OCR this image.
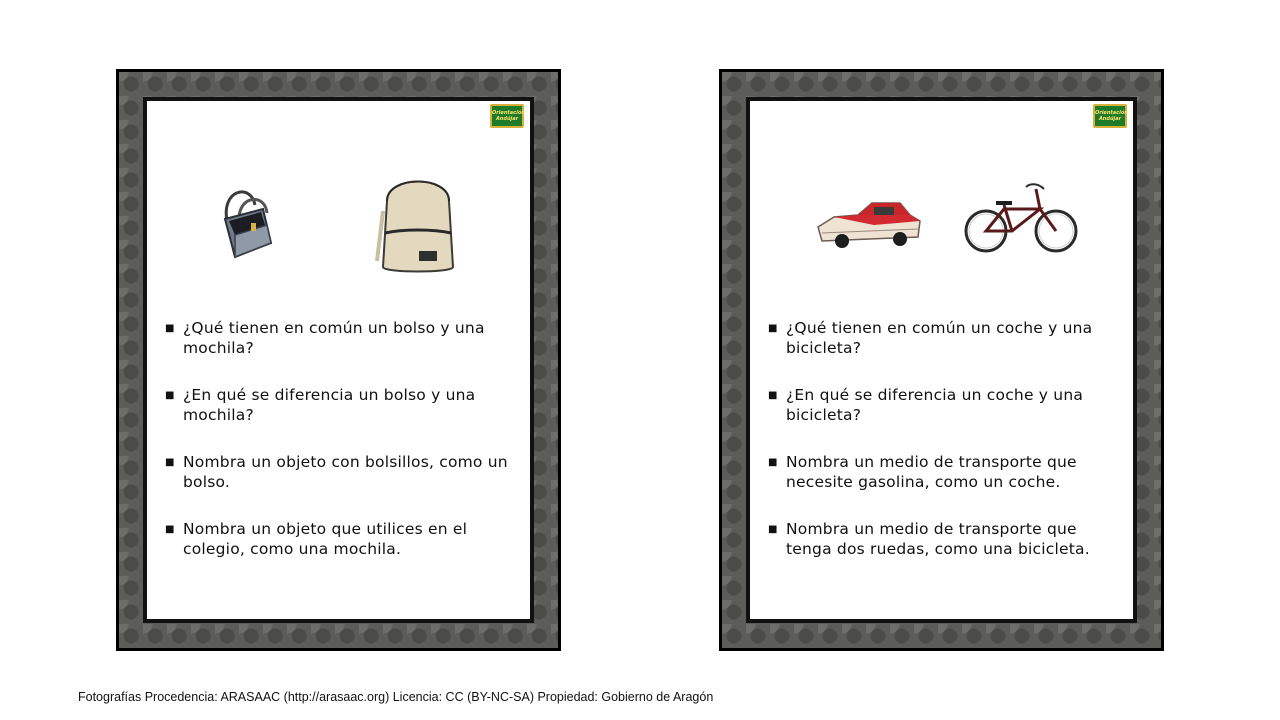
Orientación
Andújar
■ ¿Qué tienen en común un bolso y una mochila?
■ ¿En qué se diferencia un bolso y una mochila?
■ Nombra un objeto con bolsillos, como un bolso.
■ Nombra un objeto que utilices en el colegio, como una mochila.
Orientación
Andújar
■ ¿Qué tienen en común un coche y una bicicleta?
■ ¿En qué se diferencia un coche y una bicicleta?
■ Nombra un medio de transporte que necesite gasolina, como un coche.
■ Nombra un medio de transporte que tenga dos ruedas, como una bicicleta.
Fotografías Procedencia: ARASAAC (http://arasaac.org) Licencia: CC (BY-NC-SA) Propiedad: Gobierno de Aragón
